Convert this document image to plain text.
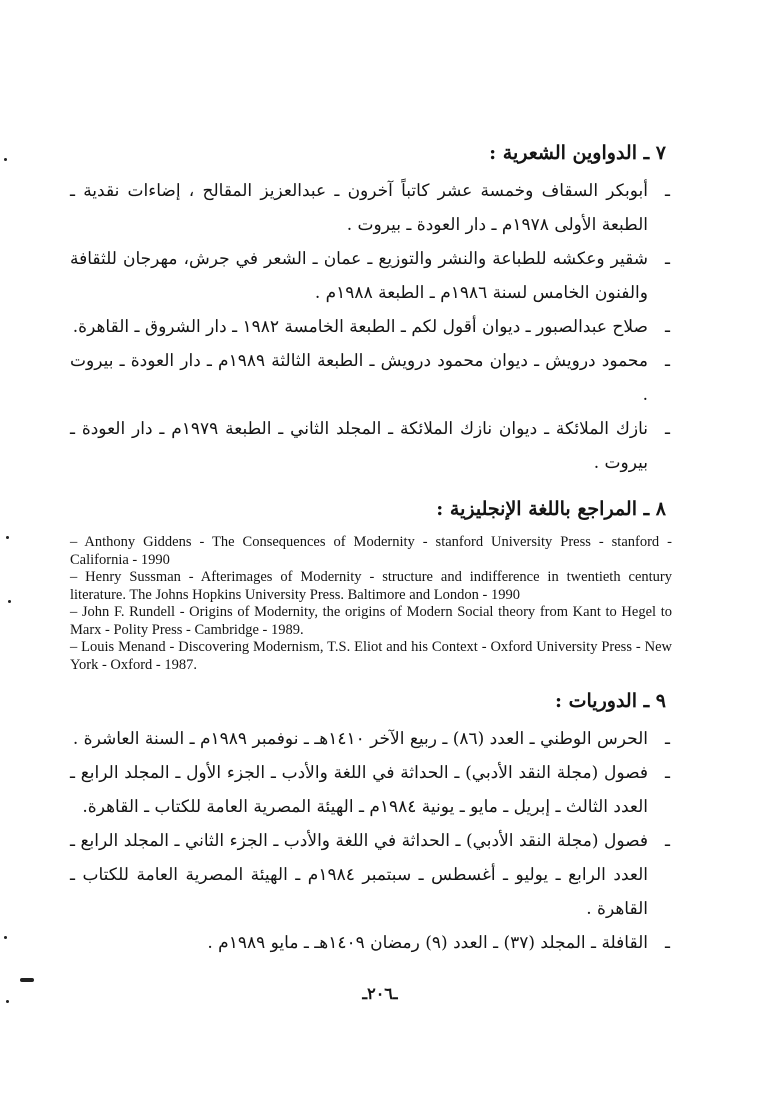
٧ ـ الدواوين الشعرية :
ـ
أبوبكر السقاف وخمسة عشر كاتباً آخرون ـ عبدالعزيز المقالح ، إضاءات نقدية ـ الطبعة الأولى ١٩٧٨م ـ دار العودة ـ بيروت .
ـ
شقير وعكشه للطباعة والنشر والتوزيع ـ عمان ـ الشعر في جرش، مهرجان للثقافة والفنون الخامس لسنة ١٩٨٦م ـ الطبعة ١٩٨٨م .
ـ
صلاح عبدالصبور ـ ديوان أقول لكم ـ الطبعة الخامسة ١٩٨٢ ـ دار الشروق ـ القاهرة.
ـ
محمود درويش ـ ديوان محمود درويش ـ الطبعة الثالثة ١٩٨٩م ـ دار العودة ـ بيروت .
ـ
نازك الملائكة ـ ديوان نازك الملائكة ـ المجلد الثاني ـ الطبعة ١٩٧٩م ـ دار العودة ـ بيروت .
٨ ـ المراجع باللغة الإنجليزية :

– Anthony Giddens - The Consequences of Modernity - stanford University Press - stanford - California - 1990

– Henry Sussman - Afterimages of Modernity - structure and indifference in twentieth century literature. The Johns Hopkins University Press. Baltimore and London - 1990

– John F. Rundell - Origins of Modernity, the origins of Modern Social theory from Kant to Hegel to Marx - Polity Press - Cambridge - 1989.

– Louis Menand - Discovering Modernism, T.S. Eliot and his Context - Oxford University Press - New York - Oxford - 1987.

٩ ـ الدوريات :
ـ
الحرس الوطني ـ العدد (٨٦) ـ ربيع الآخر ١٤١٠هـ ـ نوفمبر ١٩٨٩م ـ السنة العاشرة .
ـ
فصول (مجلة النقد الأدبي) ـ الحداثة في اللغة والأدب ـ الجزء الأول ـ المجلد الرابع ـ العدد الثالث ـ إبريل ـ مايو ـ يونية ١٩٨٤م ـ الهيئة المصرية العامة للكتاب ـ القاهرة.
ـ
فصول (مجلة النقد الأدبي) ـ الحداثة في اللغة والأدب ـ الجزء الثاني ـ المجلد الرابع ـ العدد الرابع ـ يوليو ـ أغسطس ـ سبتمبر ١٩٨٤م ـ الهيئة المصرية العامة للكتاب ـ القاهرة .
ـ
القافلة ـ المجلد (٣٧) ـ العدد (٩) رمضان ١٤٠٩هـ ـ مايو ١٩٨٩م .
ـ٢٠٦ـ
